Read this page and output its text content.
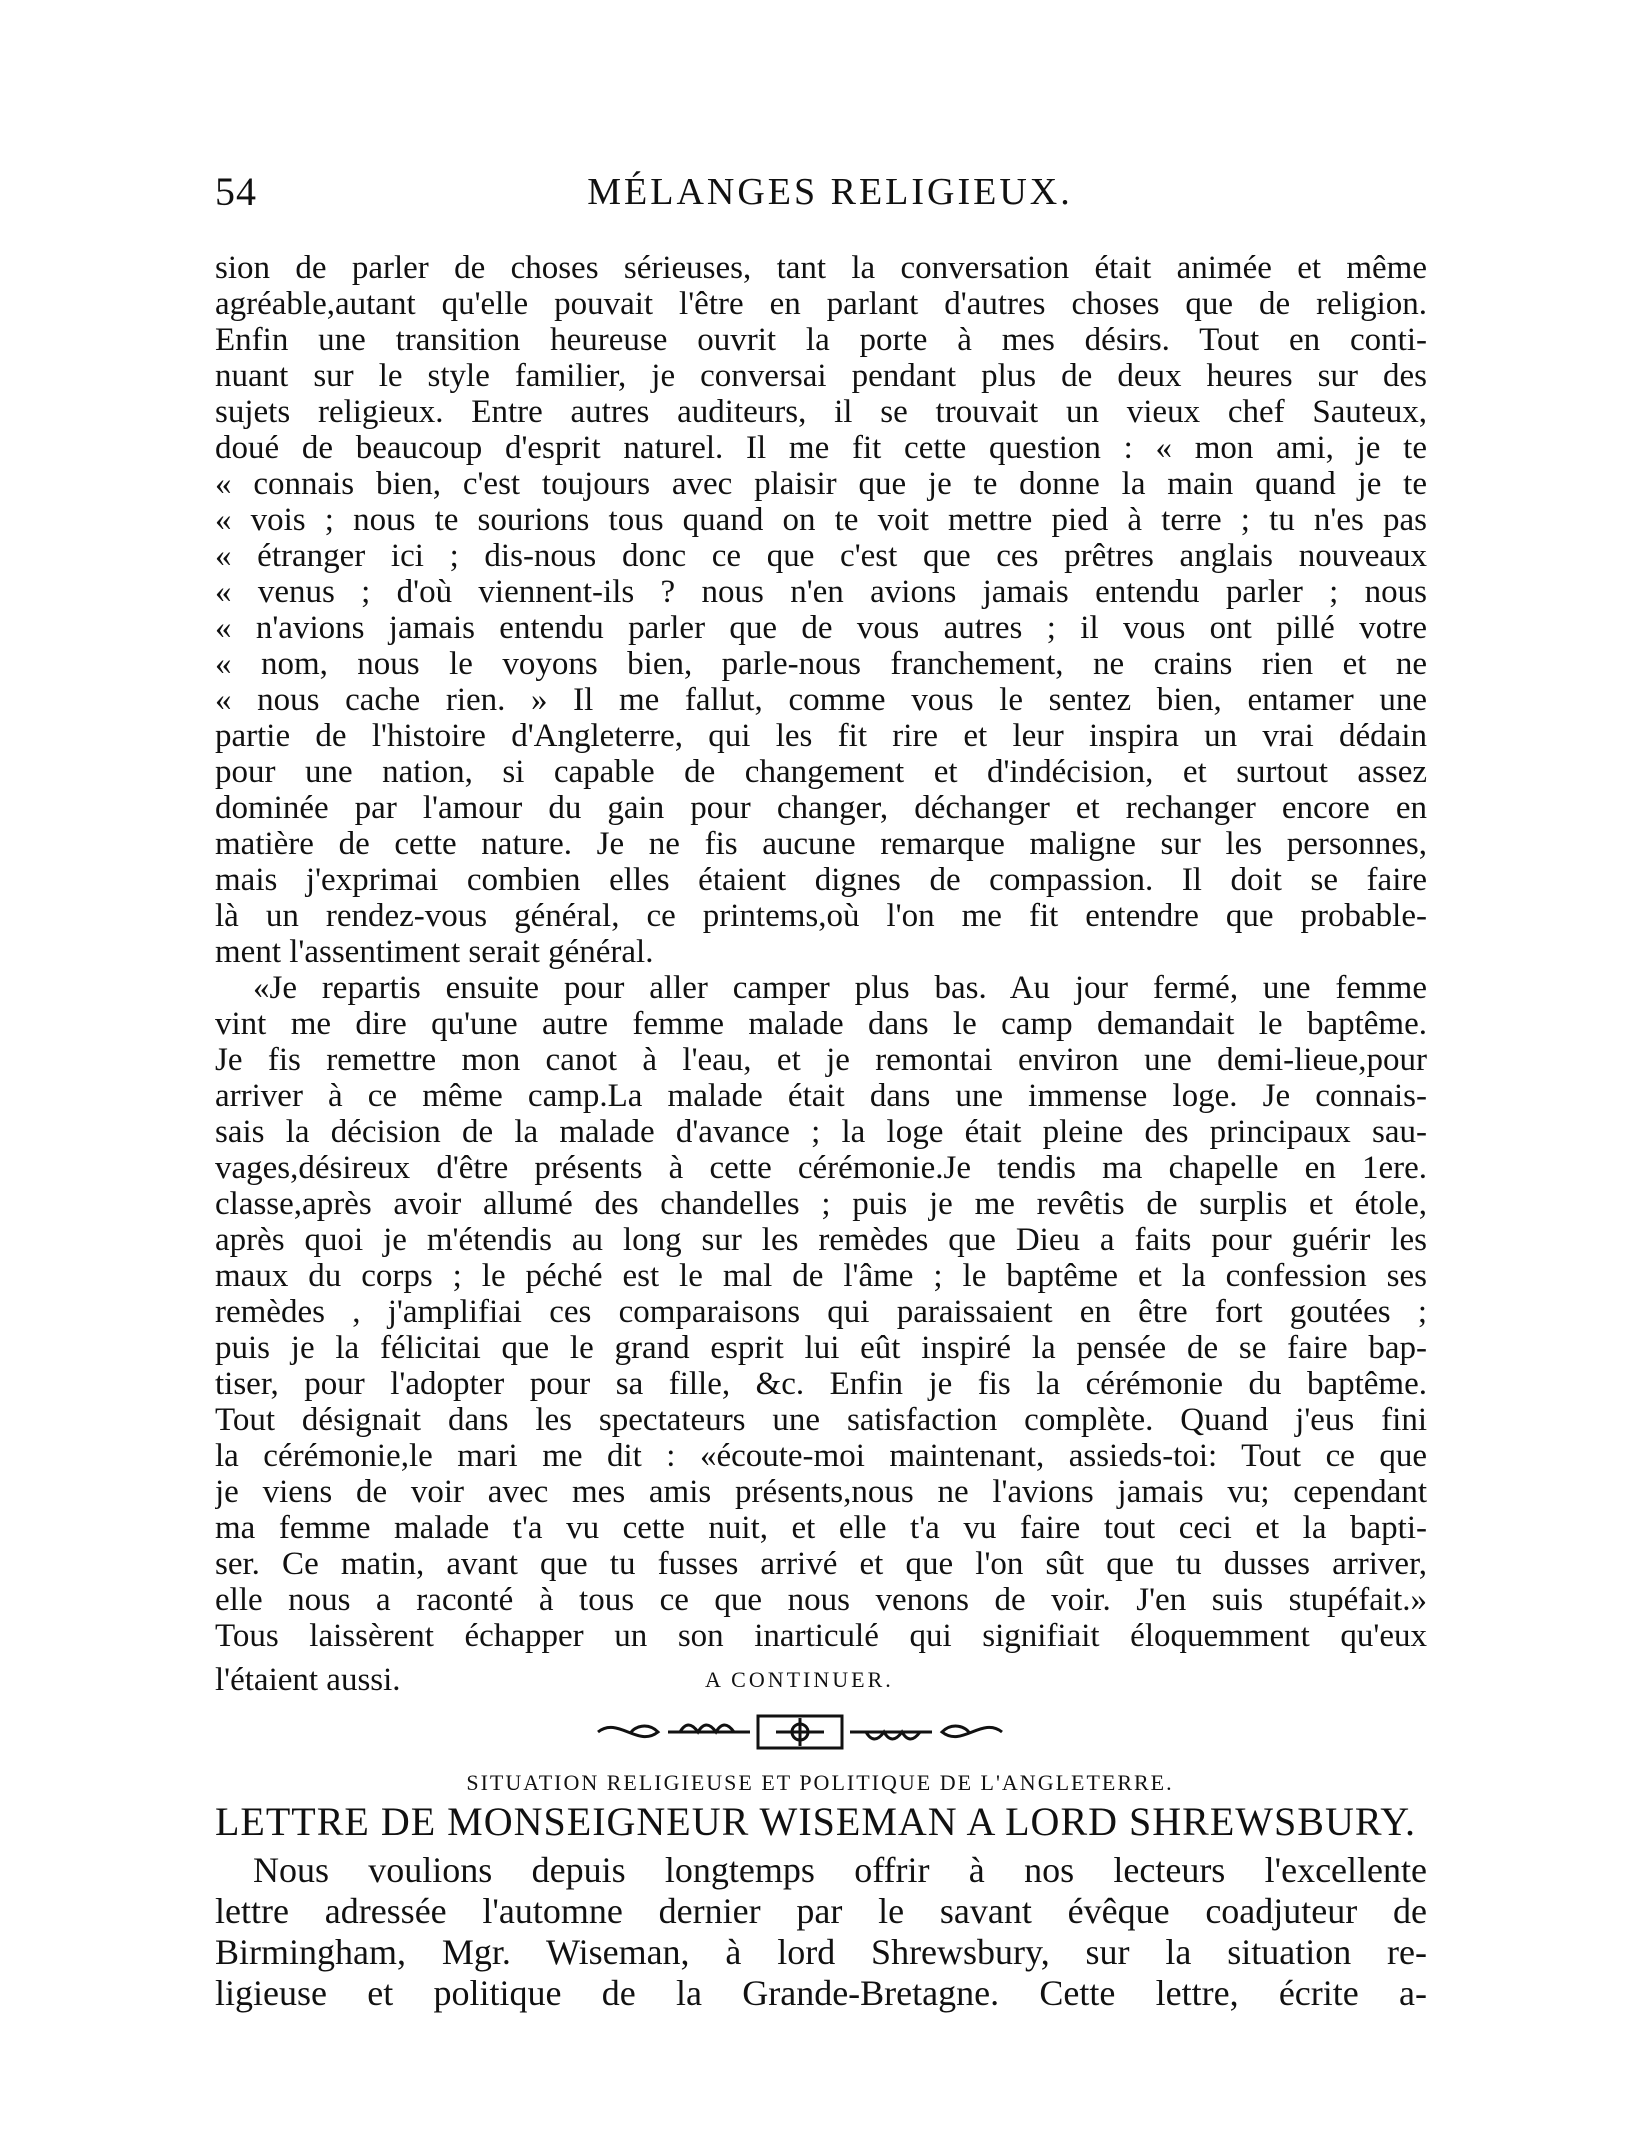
54	MÉLANGES RELIGIEUX.
sion de parler de choses sérieuses, tant la conversation était animée et même
agréable,autant qu'elle pouvait l'être en parlant d'autres choses que de religion.
Enfin une transition heureuse ouvrit la porte à mes désirs. Tout en conti-
nuant sur le style familier, je conversai pendant plus de deux heures sur des
sujets religieux. Entre autres auditeurs, il se trouvait un vieux chef Sauteux,
doué de beaucoup d'esprit naturel. Il me fit cette question : « mon ami, je te
« connais bien, c'est toujours avec plaisir que je te donne la main quand je te
« vois ; nous te sourions tous quand on te voit mettre pied à terre ; tu n'es pas
« étranger ici ; dis-nous donc ce que c'est que ces prêtres anglais nouveaux
« venus ; d'où viennent-ils ? nous n'en avions jamais entendu parler ; nous
« n'avions jamais entendu parler que de vous autres ; il vous ont pillé votre
« nom, nous le voyons bien, parle-nous franchement, ne crains rien et ne
« nous cache rien. » Il me fallut, comme vous le sentez bien, entamer une
partie de l'histoire d'Angleterre, qui les fit rire et leur inspira un vrai dédain
pour une nation, si capable de changement et d'indécision, et surtout assez
dominée par l'amour du gain pour changer, déchanger et rechanger encore en
matière de cette nature. Je ne fis aucune remarque maligne sur les personnes,
mais j'exprimai combien elles étaient dignes de compassion. Il doit se faire
là un rendez-vous général, ce printems,où l'on me fit entendre que probable-
ment l'assentiment serait général.
«Je repartis ensuite pour aller camper plus bas. Au jour fermé, une femme
vint me dire qu'une autre femme malade dans le camp demandait le baptême.
Je fis remettre mon canot à l'eau, et je remontai environ une demi-lieue,pour
arriver à ce même camp.La malade était dans une immense loge. Je connais-
sais la décision de la malade d'avance ; la loge était pleine des principaux sau-
vages,désireux d'être présents à cette cérémonie.Je tendis ma chapelle en 1ere.
classe,après avoir allumé des chandelles ; puis je me revêtis de surplis et étole,
après quoi je m'étendis au long sur les remèdes que Dieu a faits pour guérir les
maux du corps ; le péché est le mal de l'âme ; le baptême et la confession ses
remèdes , j'amplifiai ces comparaisons qui paraissaient en être fort goutées ;
puis je la félicitai que le grand esprit lui eût inspiré la pensée de se faire bap-
tiser, pour l'adopter pour sa fille, &c. Enfin je fis la cérémonie du baptême.
Tout désignait dans les spectateurs une satisfaction complète. Quand j'eus fini
la cérémonie,le mari me dit : «écoute-moi maintenant, assieds-toi: Tout ce que
je viens de voir avec mes amis présents,nous ne l'avions jamais vu; cependant
ma femme malade t'a vu cette nuit, et elle t'a vu faire tout ceci et la bapti-
ser. Ce matin, avant que tu fusses arrivé et que l'on sût que tu dusses arriver,
elle nous a raconté à tous ce que nous venons de voir. J'en suis stupéfait.»
Tous laissèrent échapper un son inarticulé qui signifiait éloquemment qu'eux
l'étaient aussi.	A CONTINUER.
SITUATION RELIGIEUSE ET POLITIQUE DE L'ANGLETERRE.
LETTRE DE MONSEIGNEUR WISEMAN A LORD SHREWSBURY.
Nous voulions depuis longtemps offrir à nos lecteurs l'excellente
lettre adressée l'automne dernier par le savant évêque coadjuteur de
Birmingham, Mgr. Wiseman, à lord Shrewsbury, sur la situation re-
ligieuse et politique de la Grande-Bretagne. Cette lettre, écrite a-
